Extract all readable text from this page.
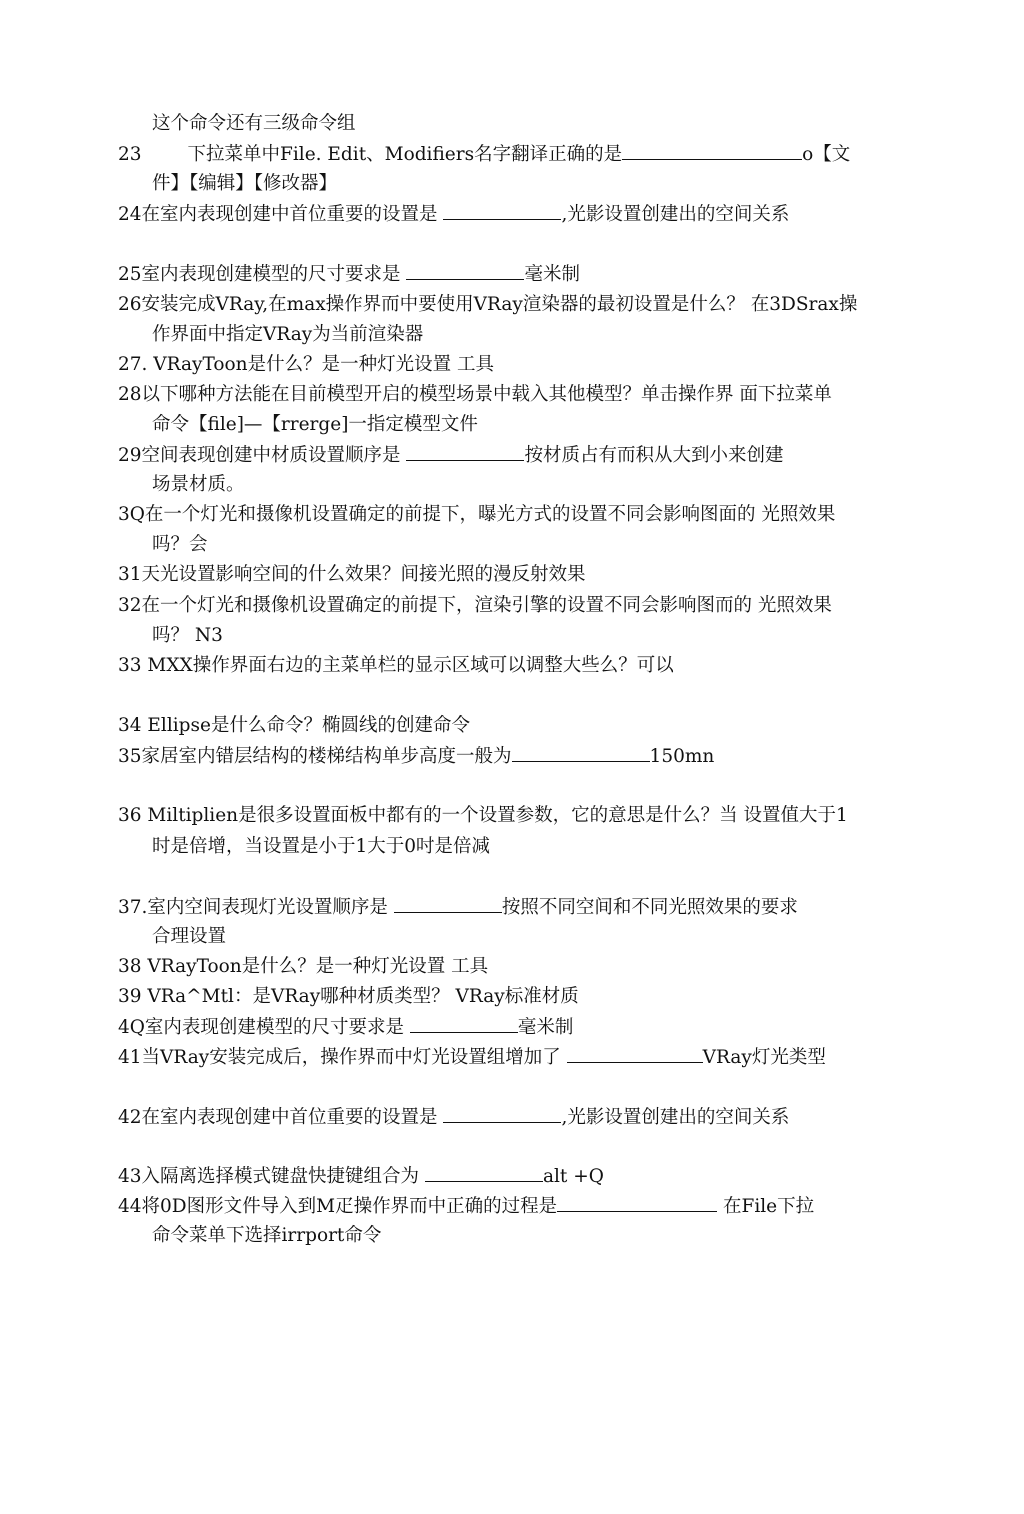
这个命令还有三级命令组
23 下拉菜单中File. Edit、Modifiers名字翻译正确的是	o【文
件】【编辑】【修改器】
24在室内表现创建中首位重要的设置是	,光影设置创建出的空间关系
25室内表现创建模型的尺寸要求是	毫米制
26安装完成VRay,在max操作界而中要使用VRay渲染器的最初设置是什么？ 在3DSrax操
作界面中指定VRay为当前渲染器
27. VRayToon是什么？是一种灯光设置 工具
28以下哪种方法能在目前模型开启的模型场景中载入其他模型？单击操作界 面下拉菜单
命令【file]—【rrerge]一指定模型文件
29空间表现创建中材质设置顺序是	按材质占有而积从大到小来创建
场景材质。
3Q在一个灯光和摄像机设置确定的前提下，曝光方式的设置不同会影响图面的 光照效果
吗？会
31天光设置影响空间的什么效果？间接光照的漫反射效果
32在一个灯光和摄像机设置确定的前提下，渲染引擎的设置不同会影响图而的 光照效果
吗？ N3
33 MXX操作界面右边的主菜单栏的显示区域可以调整大些么？可以
34 Ellipse是什么命令？椭圆线的创建命令
35家居室内错层结构的楼梯结构单步高度一般为	150mn
36 Miltiplien是很多设置面板中都有的一个设置参数，它的意思是什么？当 设置值大于1
时是倍增，当设置是小于1大于0吋是倍减
37.室内空间表现灯光设置顺序是	按照不同空间和不同光照效果的要求
合理设置
38 VRayToon是什么？是一种灯光设置 工具
39 VRa^Mtl：是VRay哪种材质类型？ VRay标准材质
4Q室内表现创建模型的尺寸要求是	毫米制
41当VRay安装完成后，操作界而中灯光设置组增加了	VRay灯光类型
42在室内表现创建中首位重要的设置是	,光影设置创建出的空间关系
43入隔离选择模式键盘快捷键组合为	alt +Q
44将0D图形文件导入到M疋操作界而中正确的过程是	在File下拉
命令菜单下选择irrport命令
